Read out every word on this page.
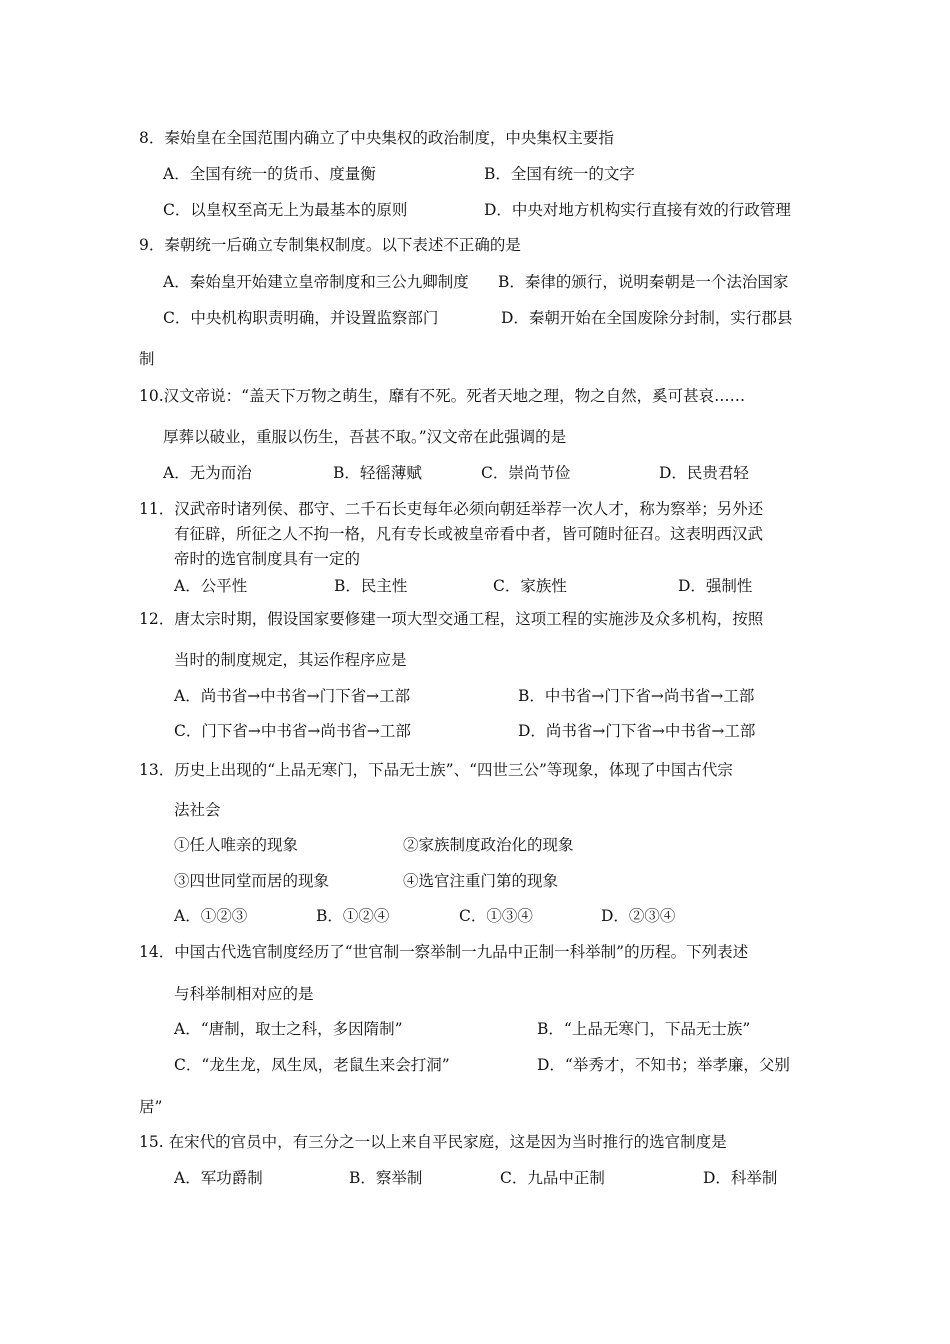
8．秦始皇在全国范围内确立了中央集权的政治制度，中央集权主要指
A．全国有统一的货币、度量衡	B．全国有统一的文字
C．以皇权至高无上为最基本的原则	D．中央对地方机构实行直接有效的行政管理
9．秦朝统一后确立专制集权制度。以下表述不正确的是
A．秦始皇开始建立皇帝制度和三公九卿制度 B．秦律的颁行，说明秦朝是一个法治国家
C．中央机构职责明确，并设置监察部门	D．秦朝开始在全国废除分封制，实行郡县
制
10.汉文帝说：“盖天下万物之萌生，靡有不死。死者天地之理，物之自然，奚可甚哀……
厚葬以破业，重服以伤生，吾甚不取。”汉文帝在此强调的是
A．无为而治	B．轻徭薄赋	C．崇尚节俭	D．民贵君轻
11．汉武帝时诸列侯、郡守、二千石长吏每年必须向朝廷举荐一次人才，称为察举；另外还
有征辟，所征之人不拘一格，凡有专长或被皇帝看中者，皆可随时征召。这表明西汉武
帝时的选官制度具有一定的
A．公平性	B．民主性	C．家族性	D．强制性
12．唐太宗时期，假设国家要修建一项大型交通工程，这项工程的实施涉及众多机构，按照
当时的制度规定，其运作程序应是
A．尚书省→中书省→门下省→工部	B．中书省→门下省→尚书省→工部
C．门下省→中书省→尚书省→工部	D．尚书省→门下省→中书省→工部
13．历史上出现的“上品无寒门，下品无士族”、“四世三公”等现象，体现了中国古代宗
法社会
①任人唯亲的现象	②家族制度政治化的现象
③四世同堂而居的现象	④选官注重门第的现象
A．①②③	B．①②④	C．①③④	D．②③④
14．中国古代选官制度经历了“世官制一察举制一九品中正制一科举制”的历程。下列表述
与科举制相对应的是
A．“唐制，取士之科，多因隋制”	B．“上品无寒门，下品无士族”
C．“龙生龙，凤生凤，老鼠生来会打洞”	D．“举秀才，不知书；举孝廉，父别
居”
15. 在宋代的官员中，有三分之一以上来自平民家庭，这是因为当时推行的选官制度是
A．军功爵制	B．察举制	C．九品中正制	D．科举制
